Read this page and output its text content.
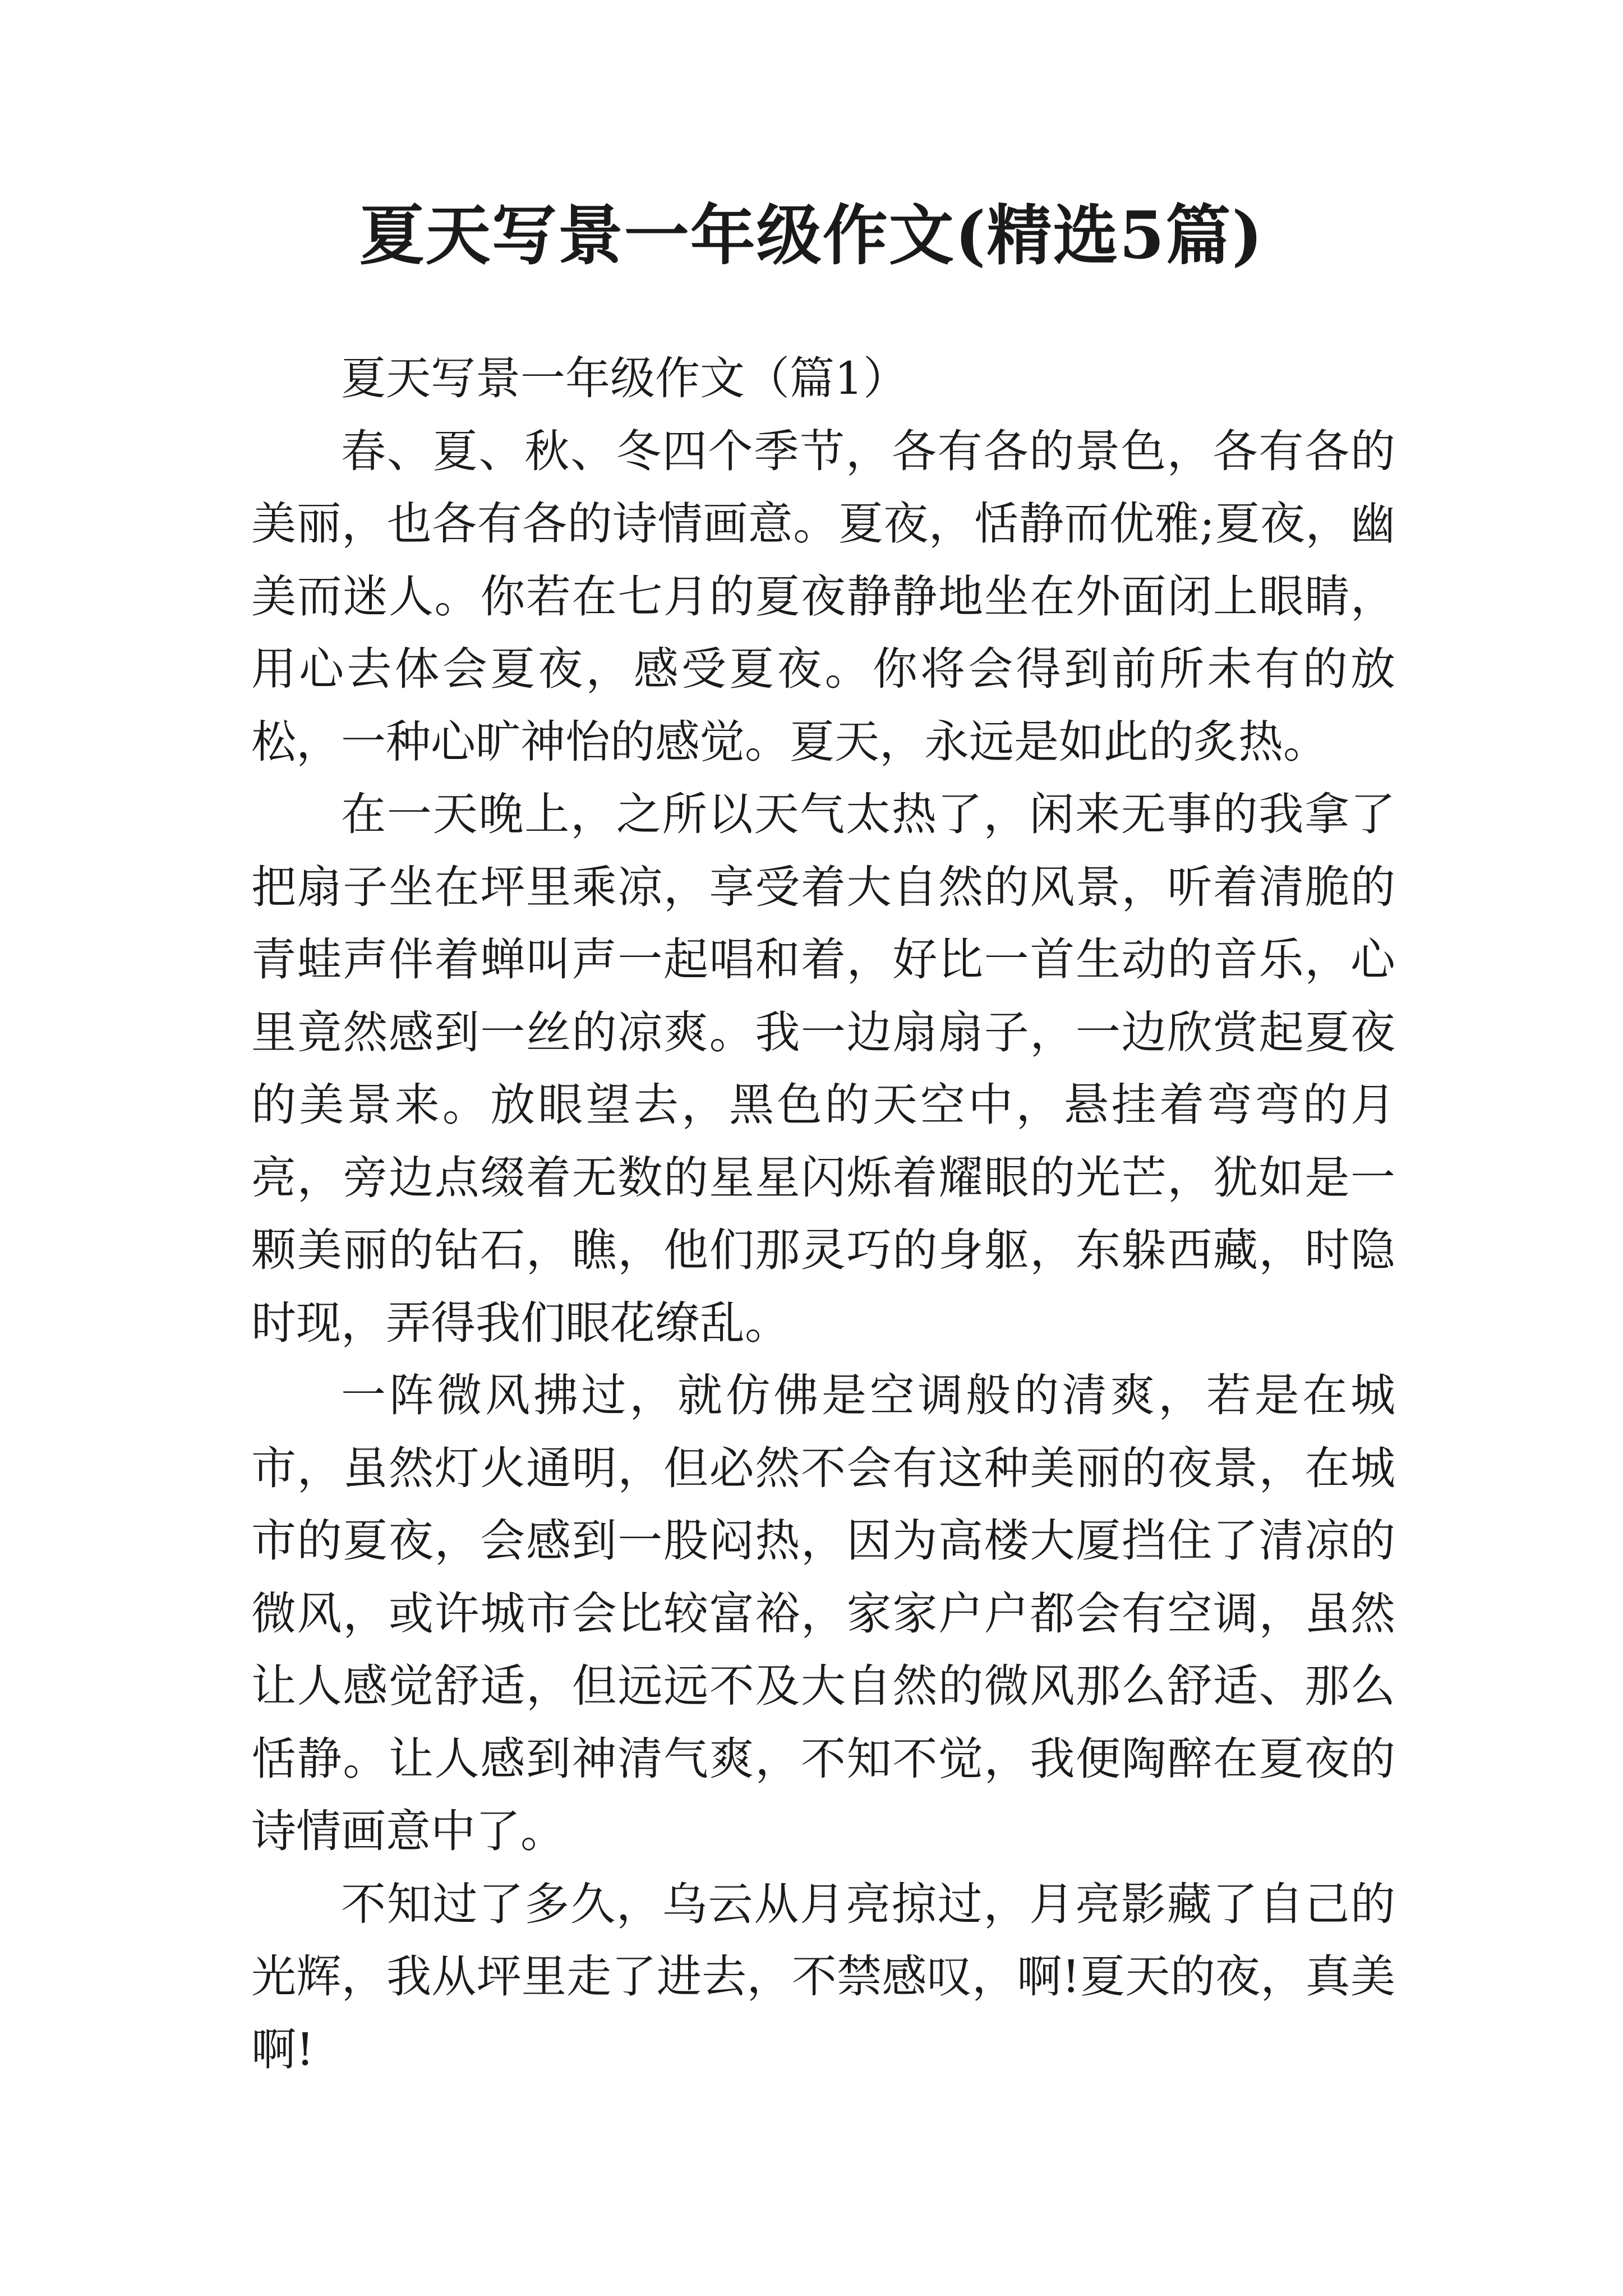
夏天写景一年级作文(精选5篇)

夏天写景一年级作文（篇1）

春、夏、秋、冬四个季节，各有各的景色，各有各的美丽，也各有各的诗情画意。夏夜，恬静而优雅;夏夜，幽美而迷人。你若在七月的夏夜静静地坐在外面闭上眼睛，用心去体会夏夜，感受夏夜。你将会得到前所未有的放松，一种心旷神怡的感觉。夏天，永远是如此的炙热。

在一天晚上，之所以天气太热了，闲来无事的我拿了把扇子坐在坪里乘凉，享受着大自然的风景，听着清脆的青蛙声伴着蝉叫声一起唱和着，好比一首生动的音乐，心里竟然感到一丝的凉爽。我一边扇扇子，一边欣赏起夏夜的美景来。放眼望去，黑色的天空中，悬挂着弯弯的月亮，旁边点缀着无数的星星闪烁着耀眼的光芒，犹如是一颗美丽的钻石，瞧，他们那灵巧的身躯，东躲西藏，时隐时现，弄得我们眼花缭乱。

一阵微风拂过，就仿佛是空调般的清爽，若是在城市，虽然灯火通明，但必然不会有这种美丽的夜景，在城市的夏夜，会感到一股闷热，因为高楼大厦挡住了清凉的微风，或许城市会比较富裕，家家户户都会有空调，虽然让人感觉舒适，但远远不及大自然的微风那么舒适、那么恬静。让人感到神清气爽，不知不觉，我便陶醉在夏夜的诗情画意中了。

不知过了多久，乌云从月亮掠过，月亮影藏了自己的光辉，我从坪里走了进去，不禁感叹，啊!夏天的夜，真美啊!
